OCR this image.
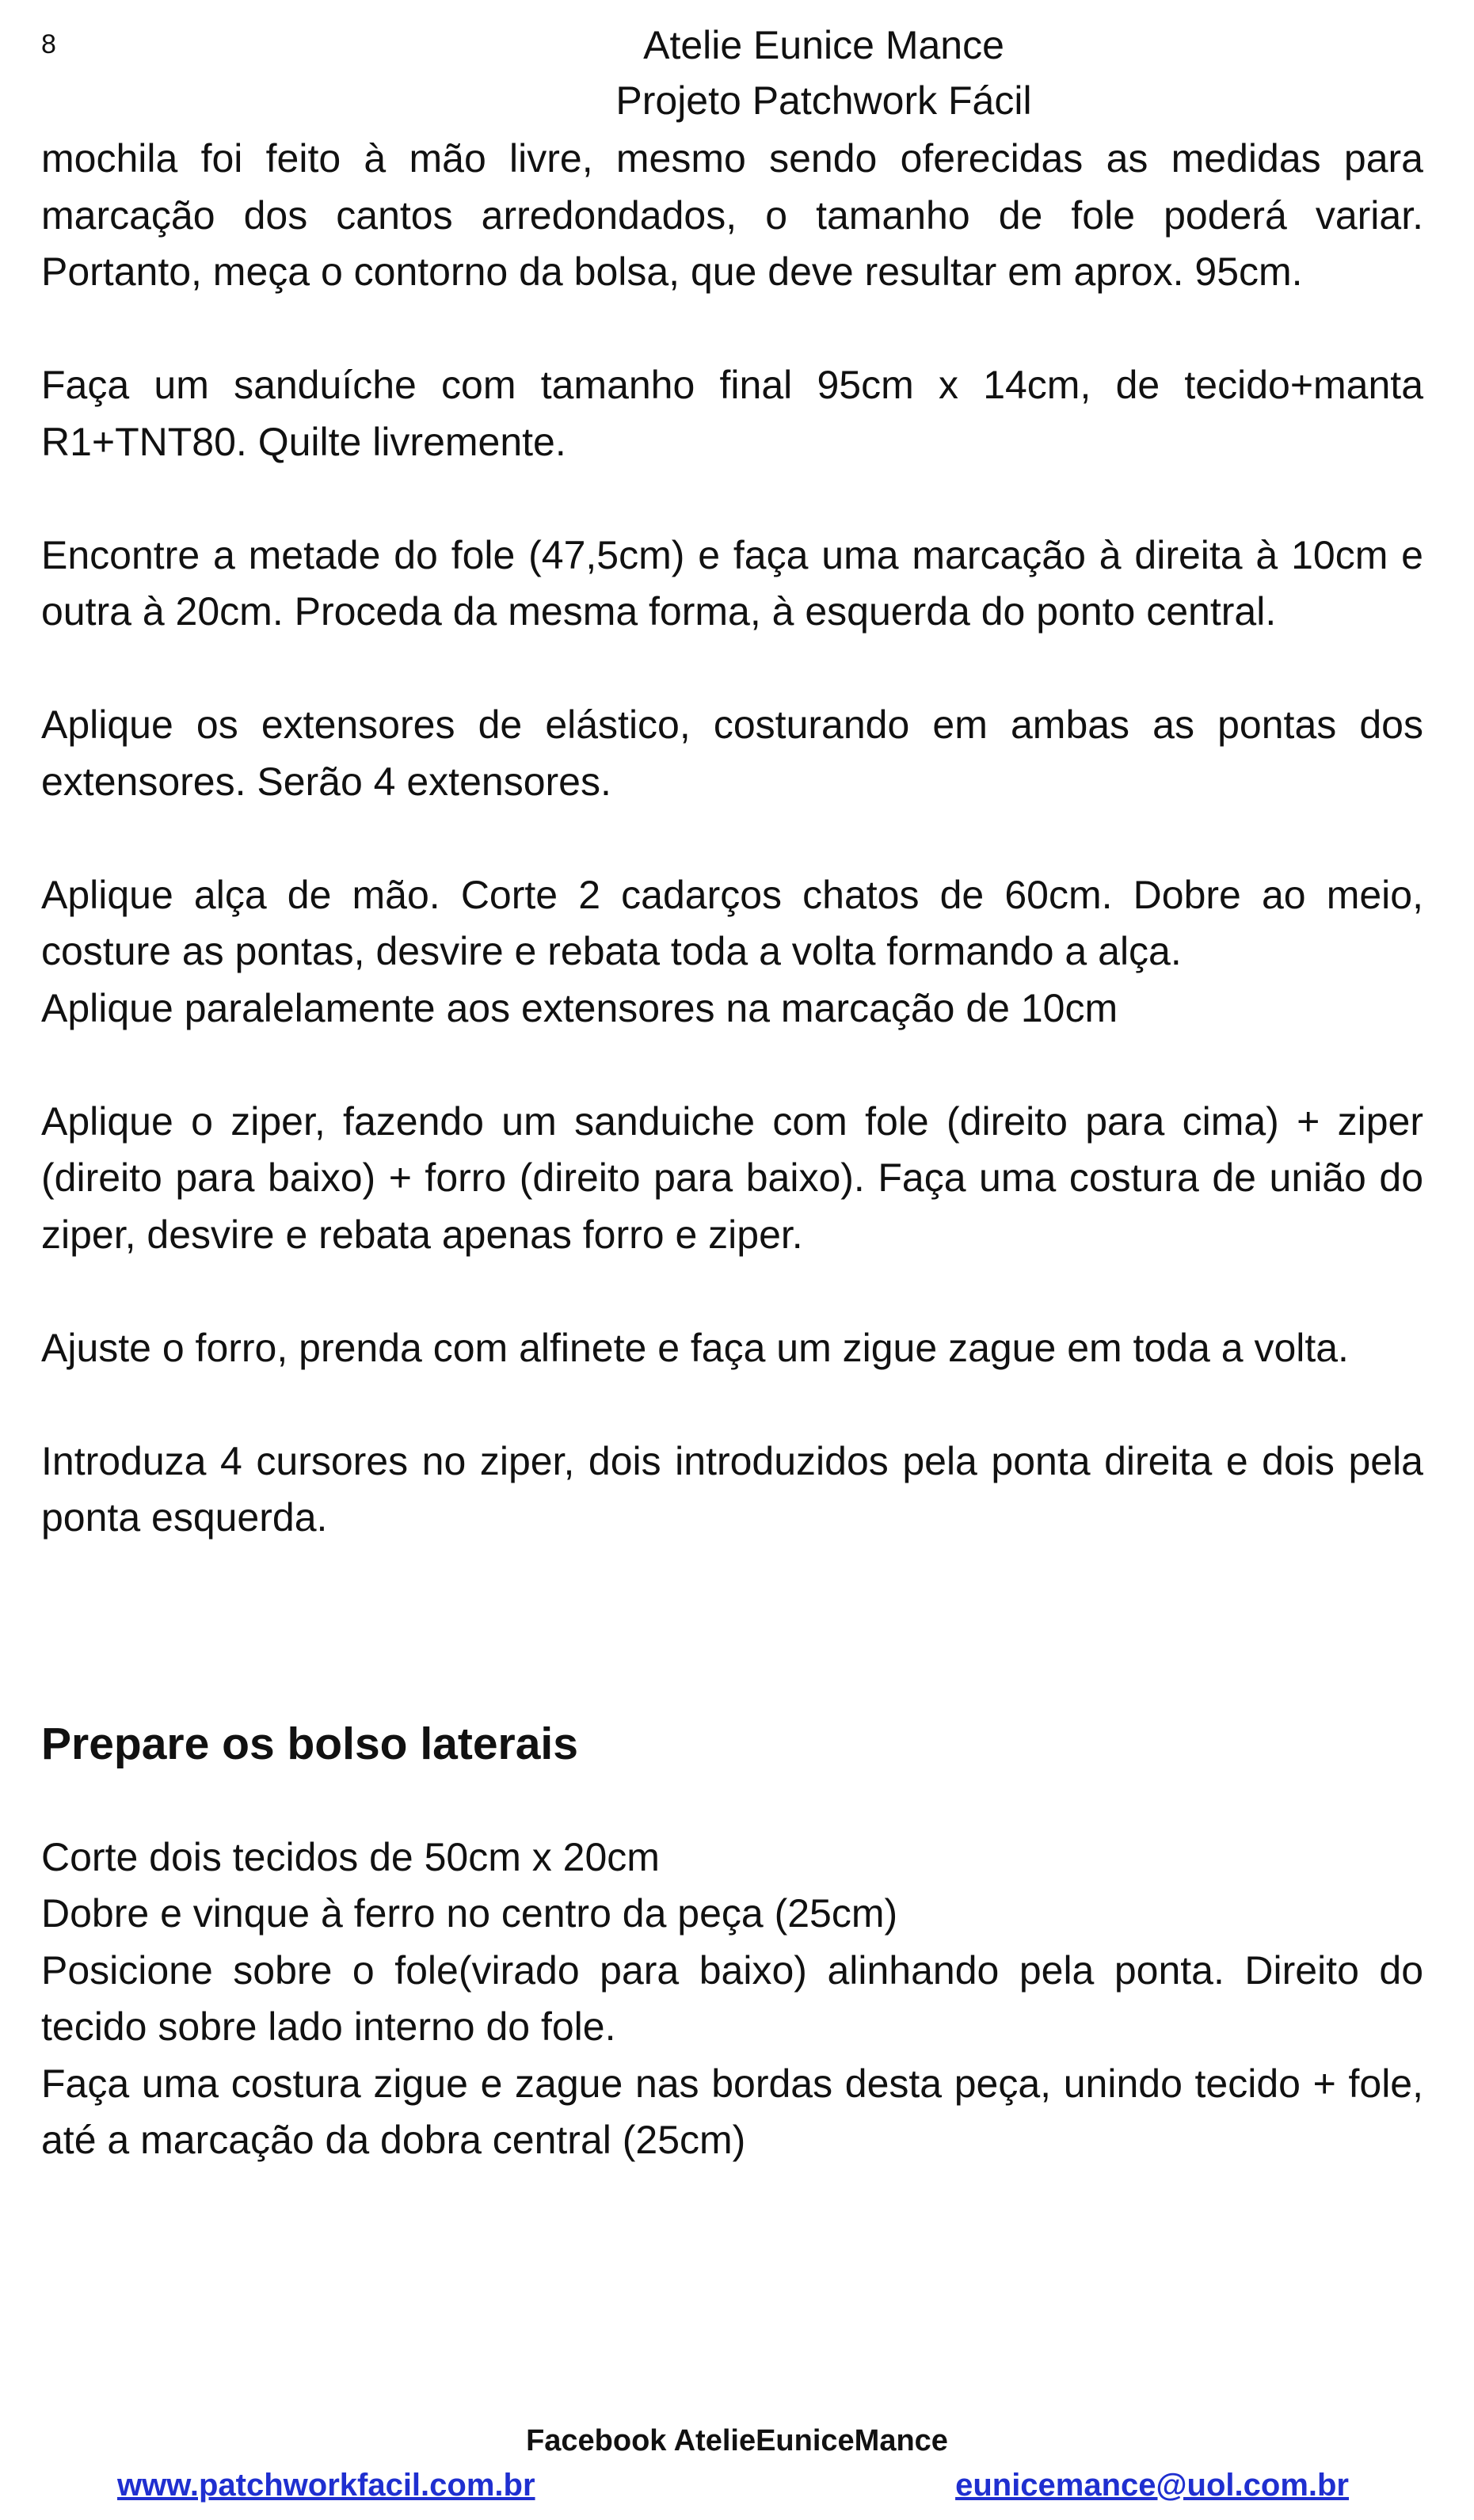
8	Atelie Eunice Mance
Projeto Patchwork Fácil

mochila foi feito à mão livre, mesmo sendo oferecidas as medidas para marcação dos cantos arredondados, o tamanho de fole poderá variar. Portanto, meça o contorno da bolsa, que deve resultar em aprox. 95cm.

Faça um sanduíche com tamanho final 95cm x 14cm, de tecido+manta R1+TNT80. Quilte livremente.

Encontre a metade do fole (47,5cm) e faça uma marcação à direita à 10cm e outra à 20cm. Proceda da mesma forma, à esquerda do ponto central.

Aplique os extensores de elástico, costurando em ambas as pontas dos extensores. Serão 4 extensores.

Aplique alça de mão. Corte 2 cadarços chatos de 60cm. Dobre ao meio, costure as pontas, desvire e rebata toda a volta formando a alça.
Aplique paralelamente aos extensores na marcação de 10cm

Aplique o ziper, fazendo um sanduiche com fole (direito para cima) + ziper (direito para baixo) + forro (direito para baixo). Faça uma costura de união do ziper, desvire e rebata apenas forro e ziper.

Ajuste o forro, prenda com alfinete e faça um zigue zague em toda a volta.

Introduza 4 cursores no ziper, dois introduzidos pela ponta direita e dois pela ponta esquerda.

Prepare os bolso laterais
Corte dois tecidos de 50cm x 20cm
Dobre e vinque à ferro no centro da peça (25cm)
Posicione sobre o fole(virado para baixo) alinhando pela ponta. Direito do tecido sobre lado interno do fole.
Faça uma costura zigue e zague nas bordas desta peça, unindo tecido + fole, até a marcação da dobra central (25cm)
Facebook AtelieEuniceMance
www.patchworkfacil.com.br	eunicemance@uol.com.br
